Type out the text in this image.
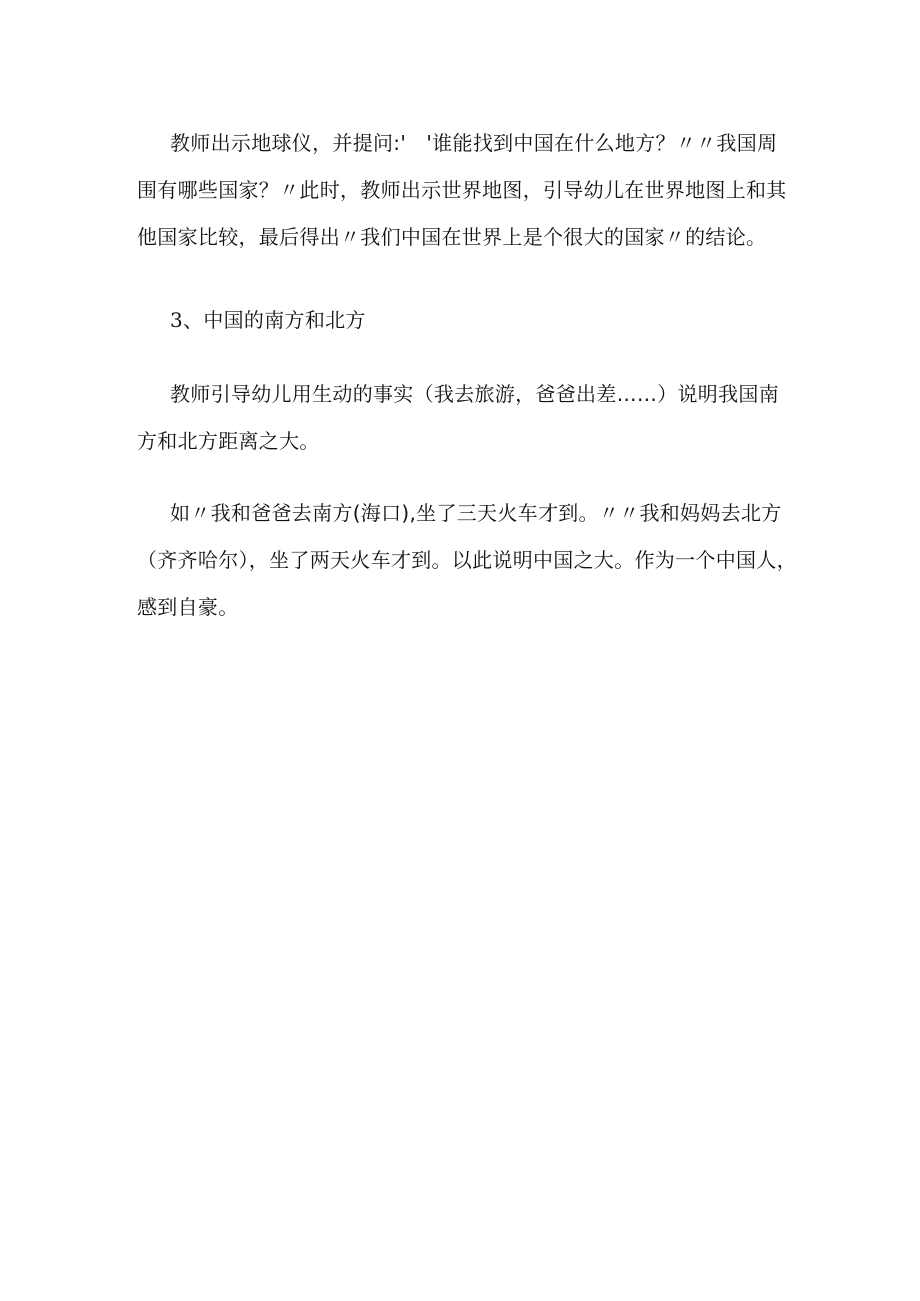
教师出示地球仪，并提问:' '谁能找到中国在什么地方？〃〃我国周围有哪些国家？〃此时，教师出示世界地图，引导幼儿在世界地图上和其他国家比较，最后得出〃我们中国在世界上是个很大的国家〃的结论。

3、中国的南方和北方

教师引导幼儿用生动的事实（我去旅游，爸爸出差……）说明我国南方和北方距离之大。

如〃我和爸爸去南方(海口),坐了三天火车才到。〃〃我和妈妈去北方（齐齐哈尔），坐了两天火车才到。以此说明中国之大。作为一个中国人，感到自豪。
